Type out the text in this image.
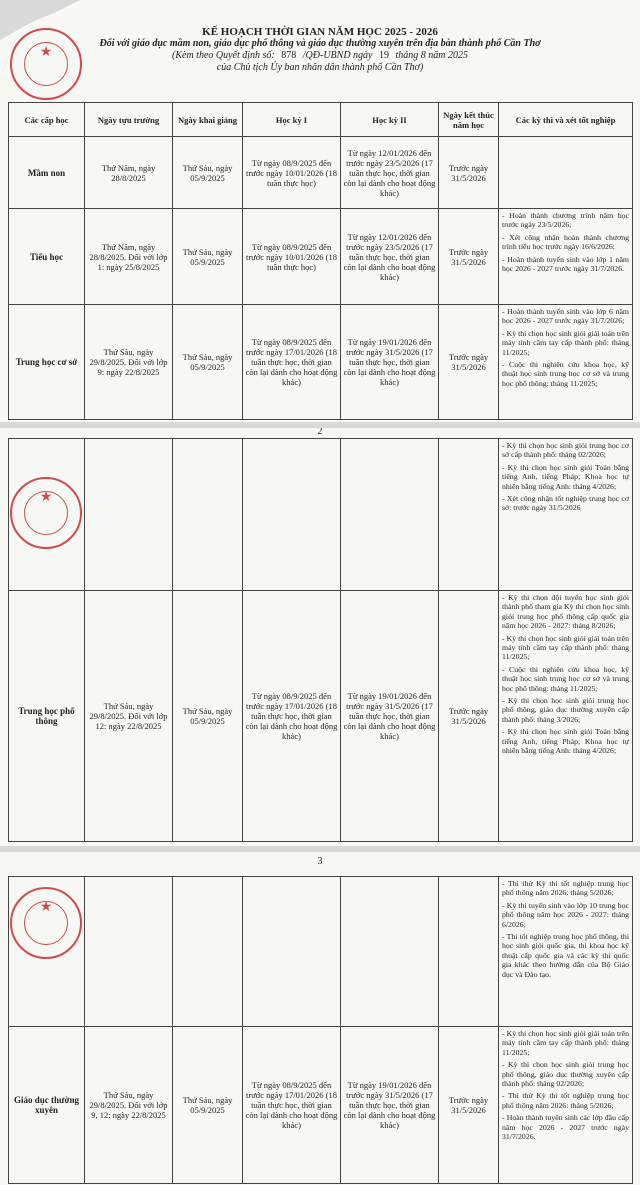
★
KẾ HOẠCH THỜI GIAN NĂM HỌC 2025 - 2026
Đối với giáo dục mầm non, giáo dục phổ thông và giáo dục thường xuyên trên địa bàn thành phố Cần Thơ
(Kèm theo Quyết định số: 878 /QĐ-UBND ngày 19 tháng 8 năm 2025
của Chủ tịch Ủy ban nhân dân thành phố Cần Thơ)
Các cấp học	Ngày tựu trường	Ngày khai giảng	Học kỳ I	Học kỳ II	Ngày kết thúc năm học	Các kỳ thi và xét tốt nghiệp
Mầm non	Thứ Năm, ngày 28/8/2025	Thứ Sáu, ngày 05/9/2025	Từ ngày 08/9/2025 đến trước ngày 10/01/2026 (18 tuần thực học)	Từ ngày 12/01/2026 đến trước ngày 23/5/2026 (17 tuần thực học, thời gian còn lại dành cho hoạt động khác)	Trước ngày 31/5/2026	
Tiểu học	Thứ Năm, ngày 28/8/2025. Đối với lớp 1: ngày 25/8/2025	Thứ Sáu, ngày 05/9/2025	Từ ngày 08/9/2025 đến trước ngày 10/01/2026 (18 tuần thực học)	Từ ngày 12/01/2026 đến trước ngày 23/5/2026 (17 tuần thực học, thời gian còn lại dành cho hoạt động khác)	Trước ngày 31/5/2026	- Hoàn thành chương trình năm học trước ngày 23/5/2026;

- Xét công nhận hoàn thành chương trình tiểu học trước ngày 16/6/2026;

- Hoàn thành tuyển sinh vào lớp 1 năm học 2026 - 2027 trước ngày 31/7/2026.

Trung học cơ sở	Thứ Sáu, ngày 29/8/2025. Đối với lớp 9: ngày 22/8/2025	Thứ Sáu, ngày 05/9/2025	Từ ngày 08/9/2025 đến trước ngày 17/01/2026 (18 tuần thực học, thời gian còn lại dành cho hoạt động khác)	Từ ngày 19/01/2026 đến trước ngày 31/5/2026 (17 tuần thực học, thời gian còn lại dành cho hoạt động khác)	Trước ngày 31/5/2026	- Hoàn thành tuyển sinh vào lớp 6 năm học 2026 - 2027 trước ngày 31/7/2026;

- Kỳ thi chọn học sinh giỏi giải toán trên máy tính cầm tay cấp thành phố: tháng 11/2025;

- Cuộc thi nghiên cứu khoa học, kỹ thuật học sinh trung học cơ sở và trung học phổ thông: tháng 11/2025;

2
★						- Kỳ thi chọn học sinh giỏi trung học cơ sở cấp thành phố: tháng 02/2026;

- Kỳ thi chọn học sinh giỏi Toán bằng tiếng Anh, tiếng Pháp; Khoa học tự nhiên bằng tiếng Anh: tháng 4/2026;

- Xét công nhận tốt nghiệp trung học cơ sở: trước ngày 31/5/2026

Trung học phổ thông	Thứ Sáu, ngày 29/8/2025. Đối với lớp 12: ngày 22/8/2025	Thứ Sáu, ngày 05/9/2025	Từ ngày 08/9/2025 đến trước ngày 17/01/2026 (18 tuần thực học, thời gian còn lại dành cho hoạt động khác)	Từ ngày 19/01/2026 đến trước ngày 31/5/2026 (17 tuần thực học, thời gian còn lại dành cho hoạt động khác)	Trước ngày 31/5/2026	- Kỳ thi chọn đội tuyển học sinh giỏi thành phố tham gia Kỳ thi chọn học sinh giỏi trung học phổ thông cấp quốc gia năm học 2026 - 2027: tháng 8/2026;

- Kỳ thi chọn học sinh giỏi giải toán trên máy tính cầm tay cấp thành phố: tháng 11/2025;

- Cuộc thi nghiên cứu khoa học, kỹ thuật học sinh trung học cơ sở và trung học phổ thông: tháng 11/2025;

- Kỳ thi chọn học sinh giỏi trung học phổ thông, giáo dục thường xuyên cấp thành phố: tháng 3/2026;

- Kỳ thi chọn học sinh giỏi Toán bằng tiếng Anh, tiếng Pháp; Khoa học tự nhiên bằng tiếng Anh: tháng 4/2026;

3
★						- Thi thử Kỳ thi tốt nghiệp trung học phổ thông năm 2026: tháng 5/2026;

- Kỳ thi tuyển sinh vào lớp 10 trung học phổ thông năm học 2026 - 2027: tháng 6/2026;

- Thi tốt nghiệp trung học phổ thông, thi học sinh giỏi quốc gia, thi khoa học kỹ thuật cấp quốc gia và các kỳ thi quốc gia khác theo hướng dẫn của Bộ Giáo dục và Đào tạo.

Giáo dục thường xuyên	Thứ Sáu, ngày 29/8/2025. Đối với lớp 9, 12: ngày 22/8/2025	Thứ Sáu, ngày 05/9/2025	Từ ngày 08/9/2025 đến trước ngày 17/01/2026 (18 tuần thực học, thời gian còn lại dành cho hoạt động khác)	Từ ngày 19/01/2026 đến trước ngày 31/5/2026 (17 tuần thực học, thời gian còn lại dành cho hoạt động khác)	Trước ngày 31/5/2026	- Kỳ thi chọn học sinh giỏi giải toán trên máy tính cầm tay cấp thành phố: tháng 11/2025;

- Kỳ thi chọn học sinh giỏi trung học phổ thông, giáo dục thường xuyên cấp thành phố: tháng 02/2026;

- Thi thử Kỳ thi tốt nghiệp trung học phổ thông năm 2026: tháng 5/2026;

- Hoàn thành tuyển sinh các lớp đầu cấp năm học 2026 - 2027 trước ngày 31/7/2026.
